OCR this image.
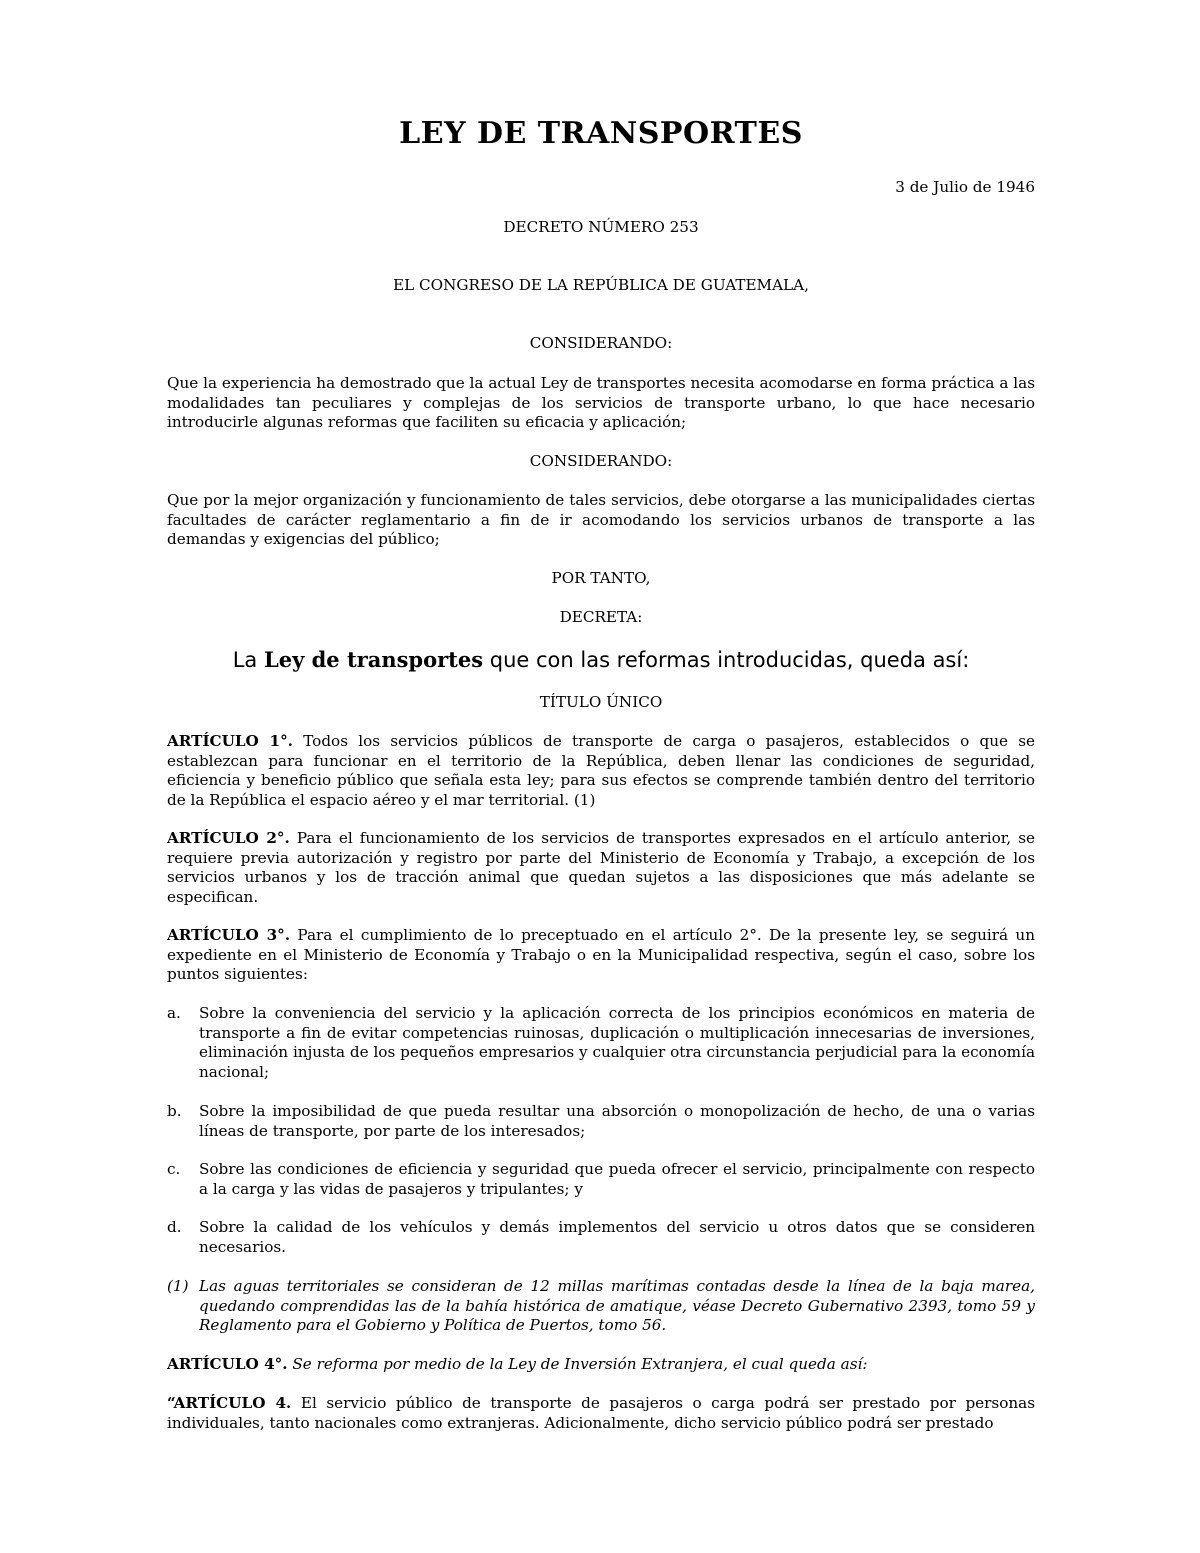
LEY DE TRANSPORTES

3 de Julio de 1946

DECRETO NÚMERO 253

EL CONGRESO DE LA REPÚBLICA DE GUATEMALA,

CONSIDERANDO:

Que la experiencia ha demostrado que la actual Ley de transportes necesita acomodarse en forma práctica a las modalidades tan peculiares y complejas de los servicios de transporte urbano, lo que hace necesario introducirle algunas reformas que faciliten su eficacia y aplicación;

CONSIDERANDO:

Que por la mejor organización y funcionamiento de tales servicios, debe otorgarse a las municipalidades ciertas facultades de carácter reglamentario a fin de ir acomodando los servicios urbanos de transporte a las demandas y exigencias del público;

POR TANTO,

DECRETA:

La Ley de transportes que con las reformas introducidas, queda así:

TÍTULO ÚNICO

ARTÍCULO 1°. Todos los servicios públicos de transporte de carga o pasajeros, establecidos o que se establezcan para funcionar en el territorio de la República, deben llenar las condiciones de seguridad, eficiencia y beneficio público que señala esta ley; para sus efectos se comprende también dentro del territorio de la República el espacio aéreo y el mar territorial. (1)

ARTÍCULO 2°. Para el funcionamiento de los servicios de transportes expresados en el artículo anterior, se requiere previa autorización y registro por parte del Ministerio de Economía y Trabajo, a excepción de los servicios urbanos y los de tracción animal que quedan sujetos a las disposiciones que más adelante se especifican.

ARTÍCULO 3°. Para el cumplimiento de lo preceptuado en el artículo 2°. De la presente ley, se seguirá un expediente en el Ministerio de Economía y Trabajo o en la Municipalidad respectiva, según el caso, sobre los puntos siguientes:

a. Sobre la conveniencia del servicio y la aplicación correcta de los principios económicos en materia de transporte a fin de evitar competencias ruinosas, duplicación o multiplicación innecesarias de inversiones, eliminación injusta de los pequeños empresarios y cualquier otra circunstancia perjudicial para la economía nacional;
b. Sobre la imposibilidad de que pueda resultar una absorción o monopolización de hecho, de una o varias líneas de transporte, por parte de los interesados;
c. Sobre las condiciones de eficiencia y seguridad que pueda ofrecer el servicio, principalmente con respecto a la carga y las vidas de pasajeros y tripulantes; y
d. Sobre la calidad de los vehículos y demás implementos del servicio u otros datos que se consideren necesarios.
(1) Las aguas territoriales se consideran de 12 millas marítimas contadas desde la línea de la baja marea, quedando comprendidas las de la bahía histórica de amatique, véase Decreto Gubernativo 2393, tomo 59 y Reglamento para el Gobierno y Política de Puertos, tomo 56.

ARTÍCULO 4°. Se reforma por medio de la Ley de Inversión Extranjera, el cual queda así:

“ARTÍCULO 4. El servicio público de transporte de pasajeros o carga podrá ser prestado por personas individuales, tanto nacionales como extranjeras. Adicionalmente, dicho servicio público podrá ser prestado
